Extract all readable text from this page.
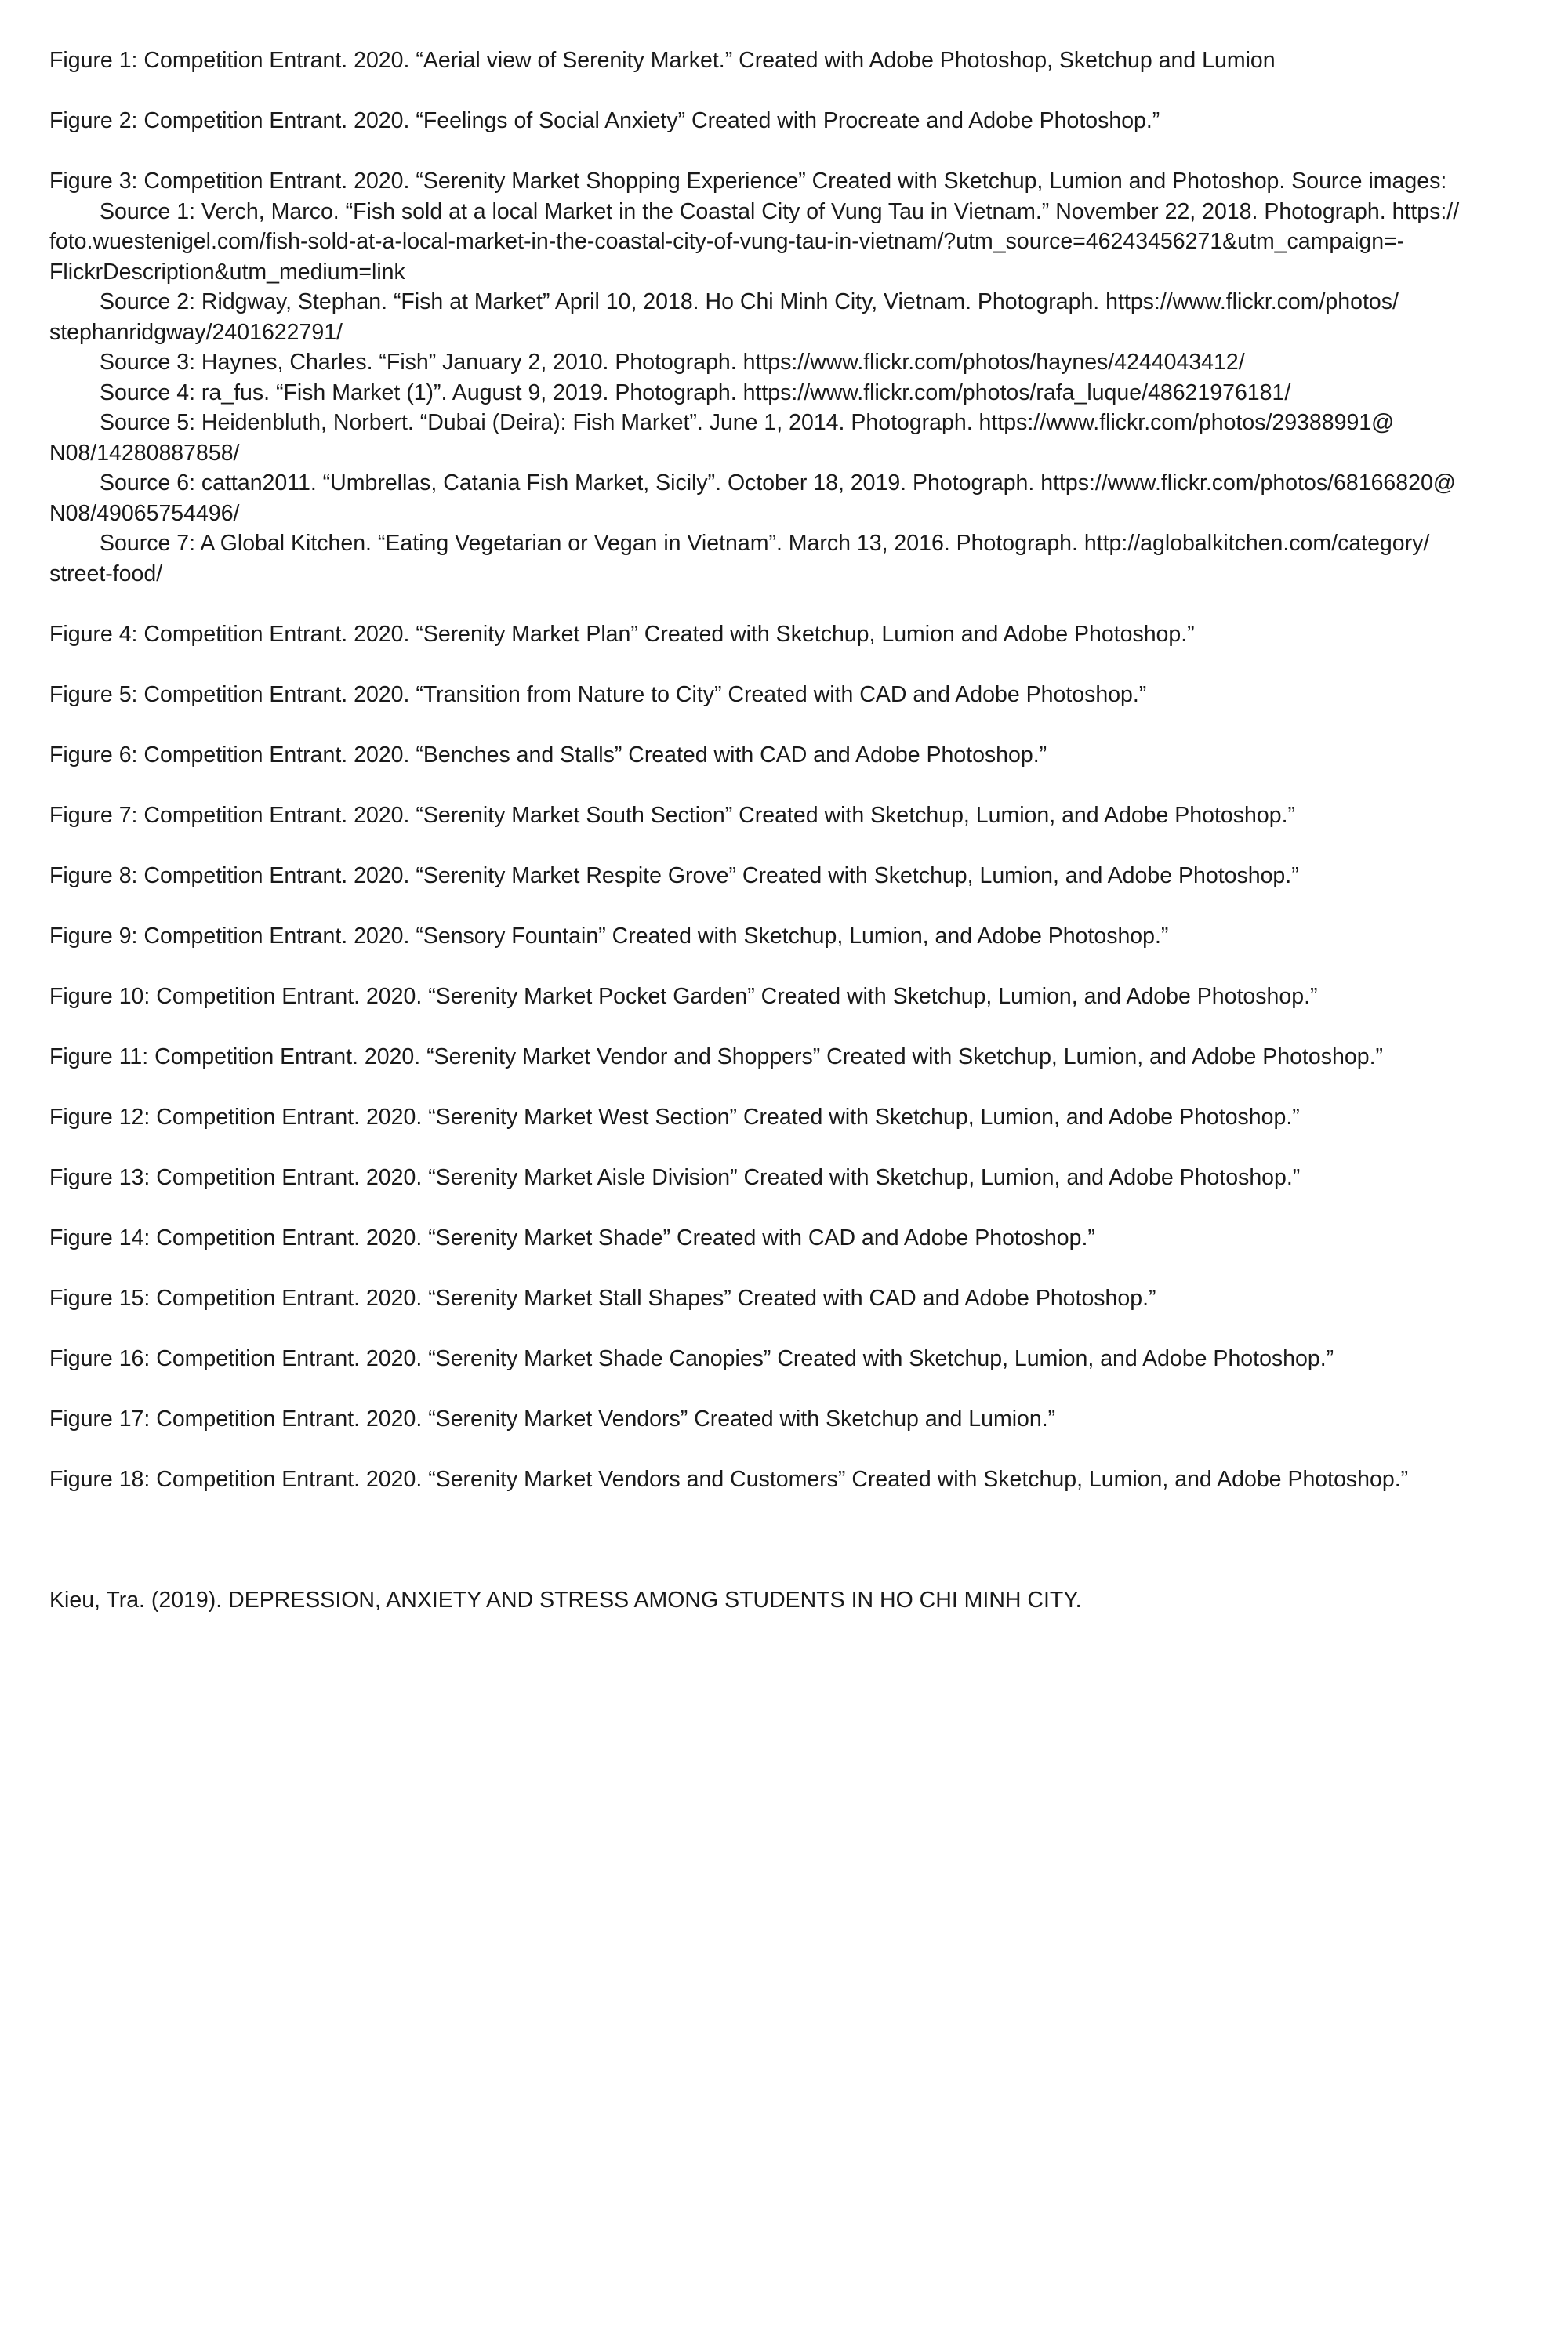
Figure 1: Competition Entrant. 2020. “Aerial view of Serenity Market.” Created with Adobe Photoshop, Sketchup and Lumion

Figure 2: Competition Entrant. 2020. “Feelings of Social Anxiety” Created with Procreate and Adobe Photoshop.”

Figure 3: Competition Entrant. 2020. “Serenity Market Shopping Experience” Created with Sketchup, Lumion and Photoshop. Source images:
Source 1: Verch, Marco. “Fish sold at a local Market in the Coastal City of Vung Tau in Vietnam.” November 22, 2018. Photograph. https://
foto.wuestenigel.com/fish-sold-at-a-local-market-in-the-coastal-city-of-vung-tau-in-vietnam/?utm_source=46243456271&utm_campaign=-
FlickrDescription&utm_medium=link
Source 2: Ridgway, Stephan. “Fish at Market” April 10, 2018. Ho Chi Minh City, Vietnam. Photograph. https://www.flickr.com/photos/
stephanridgway/2401622791/
Source 3: Haynes, Charles. “Fish” January 2, 2010. Photograph. https://www.flickr.com/photos/haynes/4244043412/
Source 4: ra_fus. “Fish Market (1)”. August 9, 2019. Photograph. https://www.flickr.com/photos/rafa_luque/48621976181/
Source 5: Heidenbluth, Norbert. “Dubai (Deira): Fish Market”. June 1, 2014. Photograph. https://www.flickr.com/photos/29388991@
N08/14280887858/
Source 6: cattan2011. “Umbrellas, Catania Fish Market, Sicily”. October 18, 2019. Photograph. https://www.flickr.com/photos/68166820@
N08/49065754496/
Source 7: A Global Kitchen. “Eating Vegetarian or Vegan in Vietnam”. March 13, 2016. Photograph. http://aglobalkitchen.com/category/
street-food/

Figure 4: Competition Entrant. 2020. “Serenity Market Plan” Created with Sketchup, Lumion and Adobe Photoshop.”

Figure 5: Competition Entrant. 2020. “Transition from Nature to City” Created with CAD and Adobe Photoshop.”

Figure 6: Competition Entrant. 2020. “Benches and Stalls” Created with CAD and Adobe Photoshop.”

Figure 7: Competition Entrant. 2020. “Serenity Market South Section” Created with Sketchup, Lumion, and Adobe Photoshop.”

Figure 8: Competition Entrant. 2020. “Serenity Market Respite Grove” Created with Sketchup, Lumion, and Adobe Photoshop.”

Figure 9: Competition Entrant. 2020. “Sensory Fountain” Created with Sketchup, Lumion, and Adobe Photoshop.”

Figure 10: Competition Entrant. 2020. “Serenity Market Pocket Garden” Created with Sketchup, Lumion, and Adobe Photoshop.”

Figure 11: Competition Entrant. 2020. “Serenity Market Vendor and Shoppers” Created with Sketchup, Lumion, and Adobe Photoshop.”

Figure 12: Competition Entrant. 2020. “Serenity Market West Section” Created with Sketchup, Lumion, and Adobe Photoshop.”

Figure 13: Competition Entrant. 2020. “Serenity Market Aisle Division” Created with Sketchup, Lumion, and Adobe Photoshop.”

Figure 14: Competition Entrant. 2020. “Serenity Market Shade” Created with CAD and Adobe Photoshop.”

Figure 15: Competition Entrant. 2020. “Serenity Market Stall Shapes” Created with CAD and Adobe Photoshop.”

Figure 16: Competition Entrant. 2020. “Serenity Market Shade Canopies” Created with Sketchup, Lumion, and Adobe Photoshop.”

Figure 17: Competition Entrant. 2020. “Serenity Market Vendors” Created with Sketchup and Lumion.”

Figure 18: Competition Entrant. 2020. “Serenity Market Vendors and Customers” Created with Sketchup, Lumion, and Adobe Photoshop.”

Kieu, Tra. (2019). DEPRESSION, ANXIETY AND STRESS AMONG STUDENTS IN HO CHI MINH CITY.
